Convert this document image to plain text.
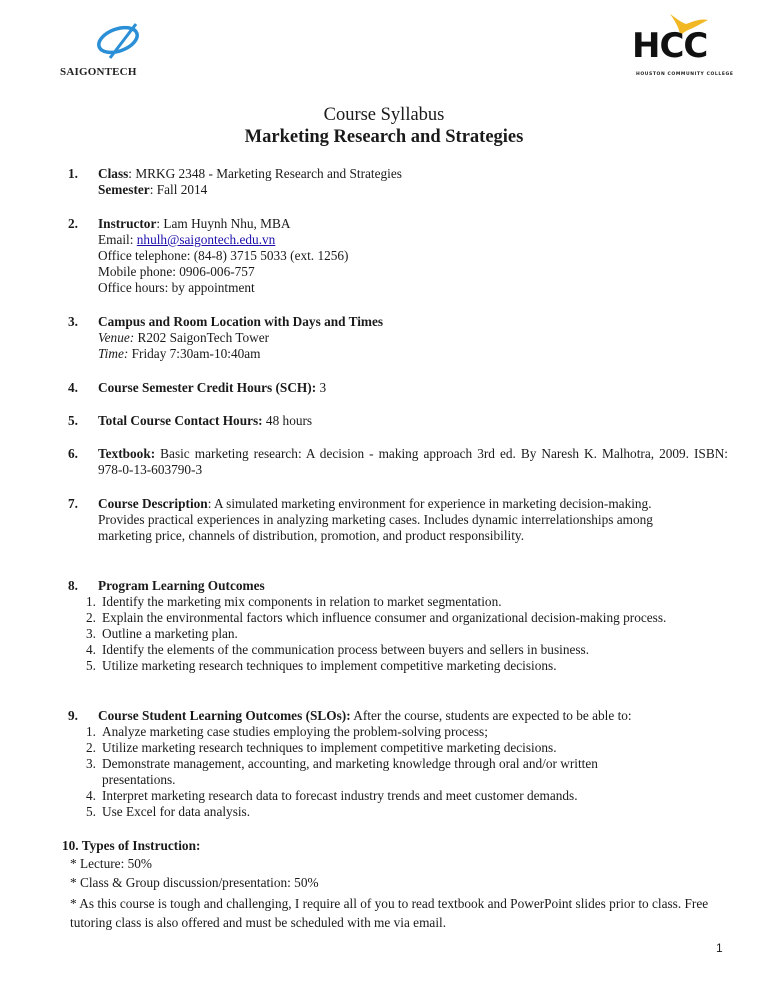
SAIGONTECH
HCC
HOUSTON COMMUNITY COLLEGE
Course Syllabus
Marketing Research and Strategies
1. Class: MRKG 2348 - Marketing Research and Strategies
Semester: Fall 2014
2. Instructor: Lam Huynh Nhu, MBA
Email: nhulh@saigontech.edu.vn
Office telephone: (84-8) 3715 5033 (ext. 1256)
Mobile phone: 0906-006-757
Office hours: by appointment
3. Campus and Room Location with Days and Times
Venue: R202 SaigonTech Tower
Time: Friday 7:30am-10:40am
4. Course Semester Credit Hours (SCH): 3
5. Total Course Contact Hours: 48 hours
6. Textbook: Basic marketing research: A decision - making approach 3rd ed. By Naresh K. Malhotra, 2009. ISBN: 978-0-13-603790-3
7. Course Description: A simulated marketing environment for experience in marketing decision-making. Provides practical experiences in analyzing marketing cases. Includes dynamic interrelationships among marketing price, channels of distribution, promotion, and product responsibility.
8. Program Learning Outcomes
1. Identify the marketing mix components in relation to market segmentation.
2. Explain the environmental factors which influence consumer and organizational decision-making process.
3. Outline a marketing plan.
4. Identify the elements of the communication process between buyers and sellers in business.
5. Utilize marketing research techniques to implement competitive marketing decisions.
9. Course Student Learning Outcomes (SLOs): After the course, students are expected to be able to:
1. Analyze marketing case studies employing the problem-solving process;
2. Utilize marketing research techniques to implement competitive marketing decisions.
3. Demonstrate management, accounting, and marketing knowledge through oral and/or written presentations.
4. Interpret marketing research data to forecast industry trends and meet customer demands.
5. Use Excel for data analysis.
10. Types of Instruction:
* Lecture: 50%
* Class & Group discussion/presentation: 50%
* As this course is tough and challenging, I require all of you to read textbook and PowerPoint slides prior to class. Free tutoring class is also offered and must be scheduled with me via email.
1
